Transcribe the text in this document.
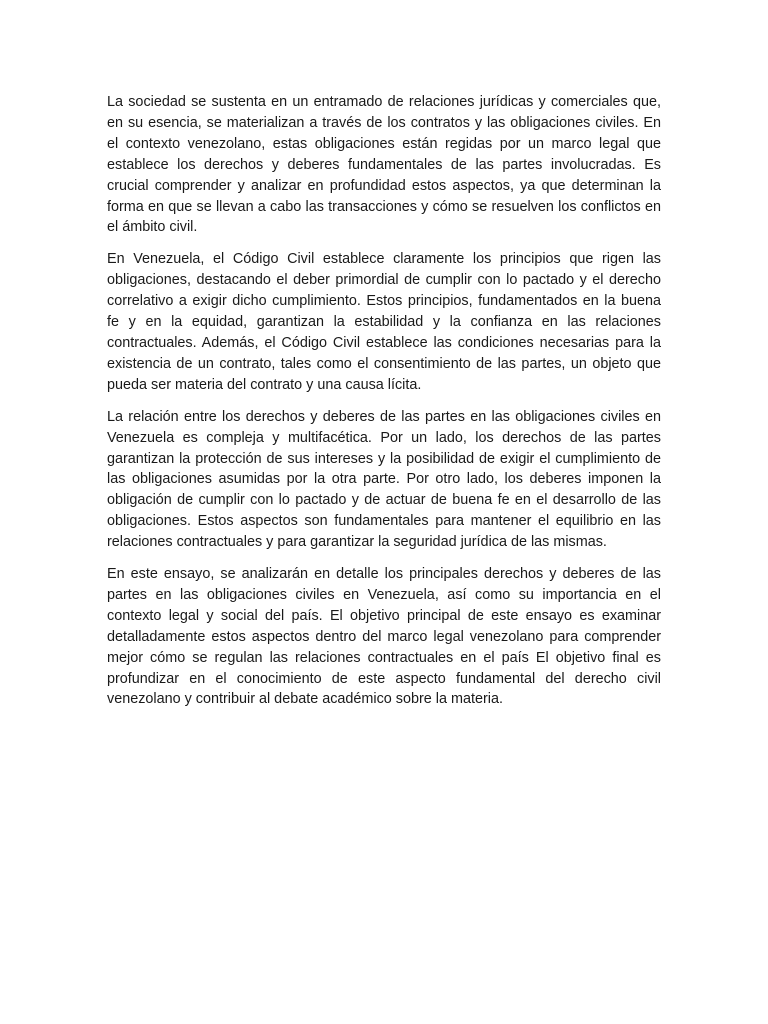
La sociedad se sustenta en un entramado de relaciones jurídicas y comerciales que, en su esencia, se materializan a través de los contratos y las obligaciones civiles. En el contexto venezolano, estas obligaciones están regidas por un marco legal que establece los derechos y deberes fundamentales de las partes involucradas. Es crucial comprender y analizar en profundidad estos aspectos, ya que determinan la forma en que se llevan a cabo las transacciones y cómo se resuelven los conflictos en el ámbito civil.

En Venezuela, el Código Civil establece claramente los principios que rigen las obligaciones, destacando el deber primordial de cumplir con lo pactado y el derecho correlativo a exigir dicho cumplimiento. Estos principios, fundamentados en la buena fe y en la equidad, garantizan la estabilidad y la confianza en las relaciones contractuales. Además, el Código Civil establece las condiciones necesarias para la existencia de un contrato, tales como el consentimiento de las partes, un objeto que pueda ser materia del contrato y una causa lícita.

La relación entre los derechos y deberes de las partes en las obligaciones civiles en Venezuela es compleja y multifacética. Por un lado, los derechos de las partes garantizan la protección de sus intereses y la posibilidad de exigir el cumplimiento de las obligaciones asumidas por la otra parte. Por otro lado, los deberes imponen la obligación de cumplir con lo pactado y de actuar de buena fe en el desarrollo de las obligaciones. Estos aspectos son fundamentales para mantener el equilibrio en las relaciones contractuales y para garantizar la seguridad jurídica de las mismas.

En este ensayo, se analizarán en detalle los principales derechos y deberes de las partes en las obligaciones civiles en Venezuela, así como su importancia en el contexto legal y social del país. El objetivo principal de este ensayo es examinar detalladamente estos aspectos dentro del marco legal venezolano para comprender mejor cómo se regulan las relaciones contractuales en el país El objetivo final es profundizar en el conocimiento de este aspecto fundamental del derecho civil venezolano y contribuir al debate académico sobre la materia.
